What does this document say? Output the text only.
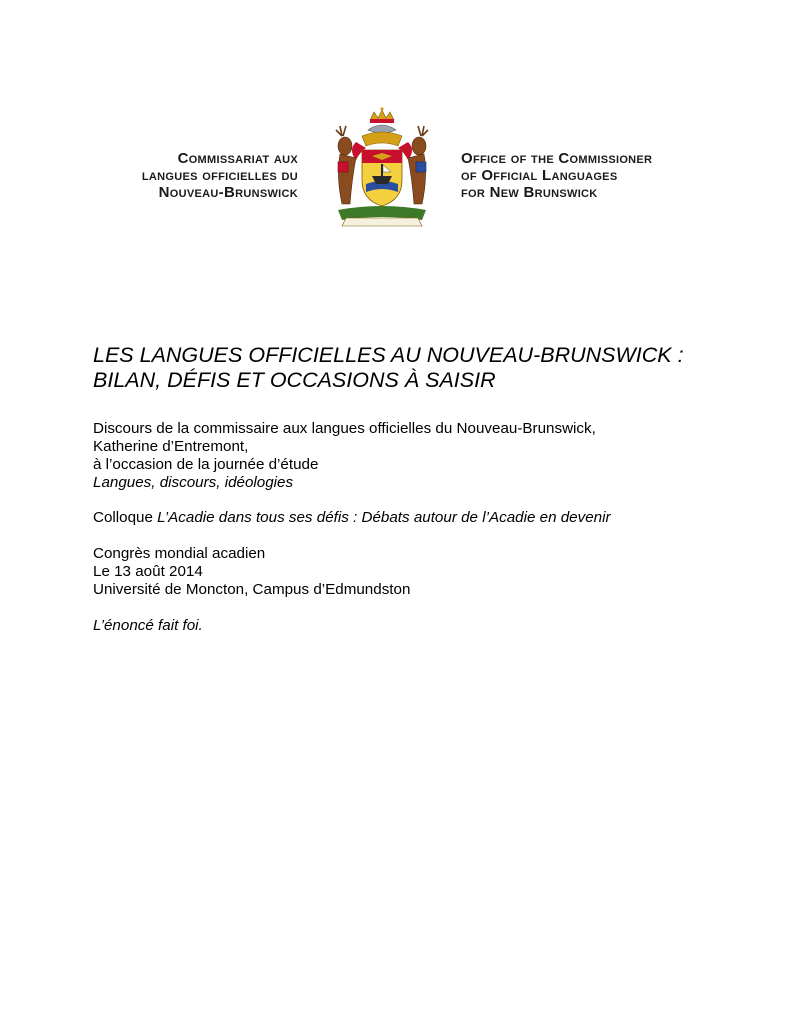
Commissariat aux
langues officielles du
Nouveau-Brunswick
Office of the Commissioner
of Official Languages
for New Brunswick
LES LANGUES OFFICIELLES AU NOUVEAU-BRUNSWICK :
BILAN, DÉFIS ET OCCASIONS À SAISIR
Discours de la commissaire aux langues officielles du Nouveau-Brunswick,
Katherine d’Entremont,
à l’occasion de la journée d’étude
Langues, discours, idéologies
Colloque L’Acadie dans tous ses défis : Débats autour de l’Acadie en devenir
Congrès mondial acadien
Le 13 août 2014
Université de Moncton, Campus d’Edmundston
L’énoncé fait foi.
